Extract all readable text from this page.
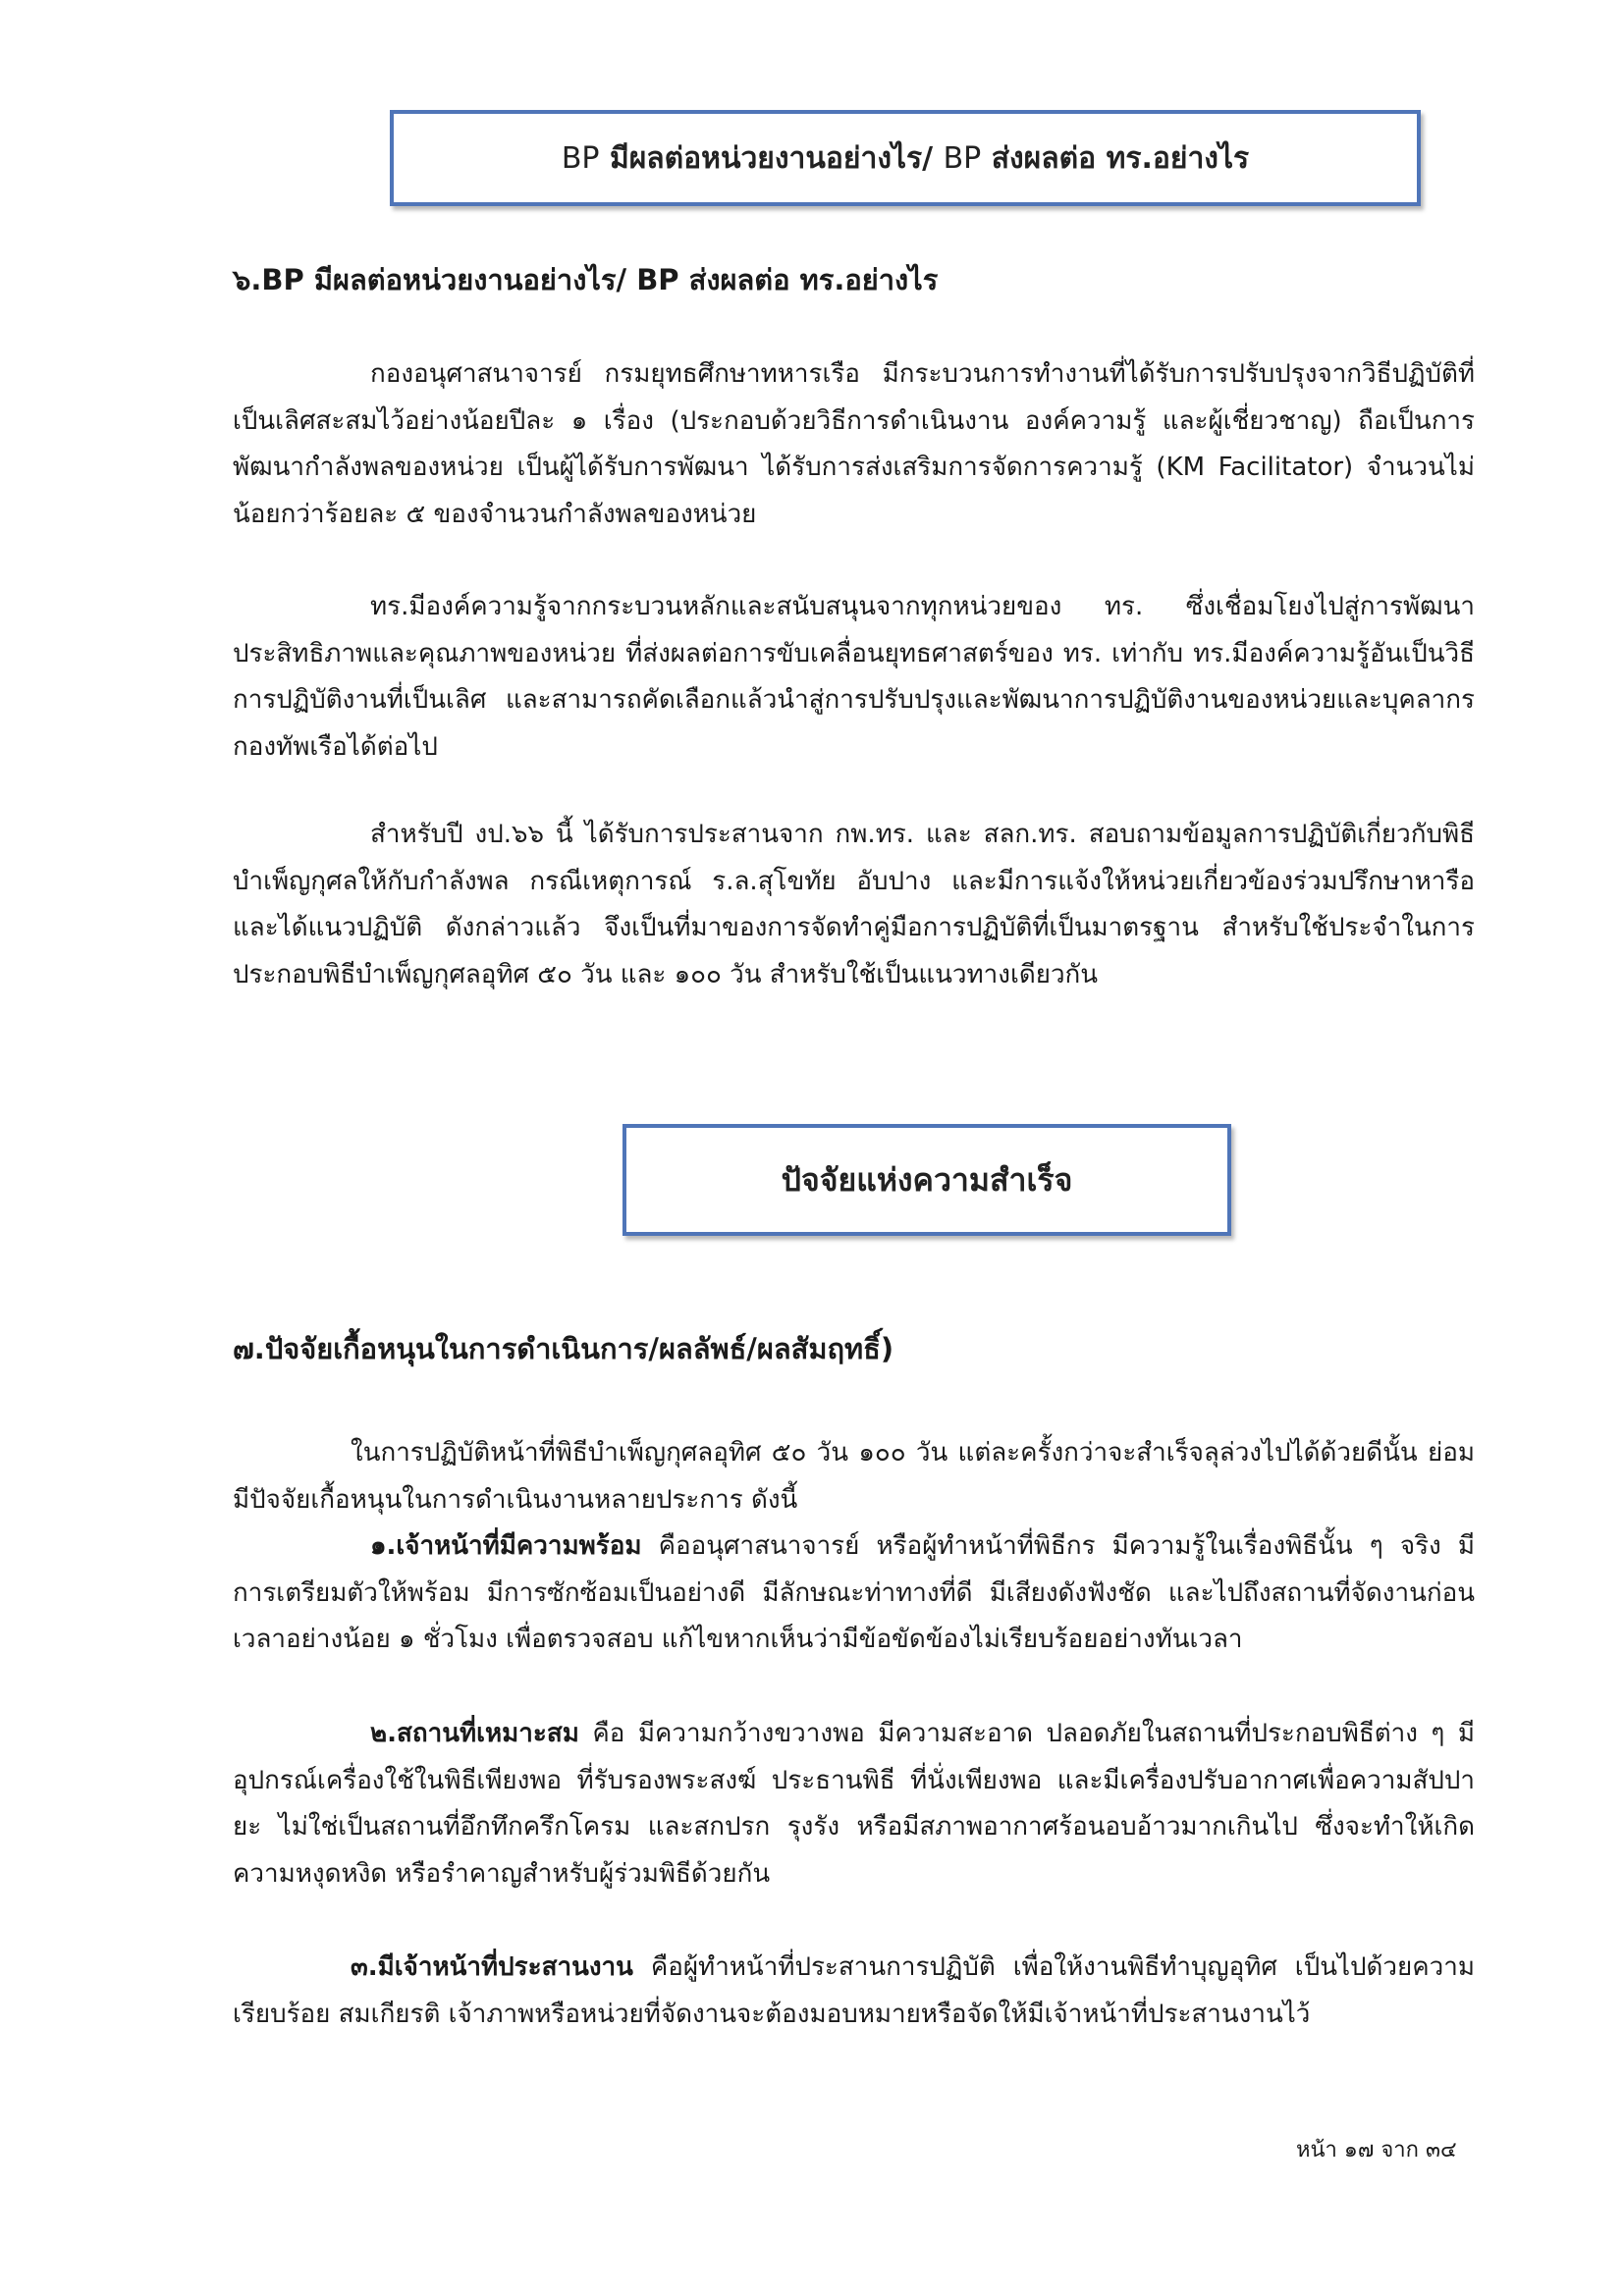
BP
มีผลต่อหน่วยงานอย่างไร/
BP
ส่งผลต่อ ทร.อย่างไร
๖.BP มีผลต่อหน่วยงานอย่างไร/ BP ส่งผลต่อ ทร.อย่างไร

กองอนุศาสนาจารย์ กรมยุทธศึกษาทหารเรือ มีกระบวนการทำงานที่ได้รับการปรับปรุงจากวิธีปฏิบัติที่เป็นเลิศสะสมไว้อย่างน้อยปีละ ๑ เรื่อง (ประกอบด้วยวิธีการดำเนินงาน องค์ความรู้ และผู้เชี่ยวชาญ) ถือเป็นการพัฒนากำลังพลของหน่วย เป็นผู้ได้รับการพัฒนา ได้รับการส่งเสริมการจัดการความรู้ (KM Facilitator) จำนวนไม่น้อยกว่าร้อยละ ๕ ของจำนวนกำลังพลของหน่วย

ทร.มีองค์ความรู้จากกระบวนหลักและสนับสนุนจากทุกหน่วยของ ทร. ซึ่งเชื่อมโยงไปสู่การพัฒนาประสิทธิภาพและคุณภาพของหน่วย ที่ส่งผลต่อการขับเคลื่อนยุทธศาสตร์ของ ทร. เท่ากับ ทร.มีองค์ความรู้อันเป็นวิธีการปฏิบัติงานที่เป็นเลิศ และสามารถคัดเลือกแล้วนำสู่การปรับปรุงและพัฒนาการปฏิบัติงานของหน่วยและบุคลากร กองทัพเรือได้ต่อไป

สำหรับปี งป.๖๖ นี้ ได้รับการประสานจาก กพ.ทร. และ สลก.ทร. สอบถามข้อมูลการปฏิบัติเกี่ยวกับพิธีบำเพ็ญกุศลให้กับกำลังพล กรณีเหตุการณ์ ร.ล.สุโขทัย อับปาง และมีการแจ้งให้หน่วยเกี่ยวข้องร่วมปรึกษาหารือ และได้แนวปฏิบัติ ดังกล่าวแล้ว จึงเป็นที่มาของการจัดทำคู่มือการปฏิบัติที่เป็นมาตรฐาน สำหรับใช้ประจำในการประกอบพิธีบำเพ็ญกุศลอุทิศ ๕๐ วัน และ ๑๐๐ วัน สำหรับใช้เป็นแนวทางเดียวกัน

ปัจจัยแห่งความสำเร็จ
๗.ปัจจัยเกื้อหนุนในการดำเนินการ/ผลลัพธ์/ผลสัมฤทธิ์)

ในการปฏิบัติหน้าที่พิธีบำเพ็ญกุศลอุทิศ ๕๐ วัน ๑๐๐ วัน แต่ละครั้งกว่าจะสำเร็จลุล่วงไปได้ด้วยดีนั้น ย่อมมีปัจจัยเกื้อหนุนในการดำเนินงานหลายประการ ดังนี้

๑.เจ้าหน้าที่มีความพร้อม คืออนุศาสนาจารย์ หรือผู้ทำหน้าที่พิธีกร มีความรู้ในเรื่องพิธีนั้น ๆ จริง มีการเตรียมตัวให้พร้อม มีการซักซ้อมเป็นอย่างดี มีลักษณะท่าทางที่ดี มีเสียงดังฟังชัด และไปถึงสถานที่จัดงานก่อนเวลาอย่างน้อย ๑ ชั่วโมง เพื่อตรวจสอบ แก้ไขหากเห็นว่ามีข้อขัดข้องไม่เรียบร้อยอย่างทันเวลา

๒.สถานที่เหมาะสม คือ มีความกว้างขวางพอ มีความสะอาด ปลอดภัยในสถานที่ประกอบพิธีต่าง ๆ มีอุปกรณ์เครื่องใช้ในพิธีเพียงพอ ที่รับรองพระสงฆ์ ประธานพิธี ที่นั่งเพียงพอ และมีเครื่องปรับอากาศเพื่อความสัปปายะ ไม่ใช่เป็นสถานที่อึกทึกครึกโครม และสกปรก รุงรัง หรือมีสภาพอากาศร้อนอบอ้าวมากเกินไป ซึ่งจะทำให้เกิดความหงุดหงิด หรือรำคาญสำหรับผู้ร่วมพิธีด้วยกัน

๓.มีเจ้าหน้าที่ประสานงาน คือผู้ทำหน้าที่ประสานการปฏิบัติ เพื่อให้งานพิธีทำบุญอุทิศ เป็นไปด้วยความเรียบร้อย สมเกียรติ เจ้าภาพหรือหน่วยที่จัดงานจะต้องมอบหมายหรือจัดให้มีเจ้าหน้าที่ประสานงานไว้

หน้า ๑๗ จาก ๓๔
